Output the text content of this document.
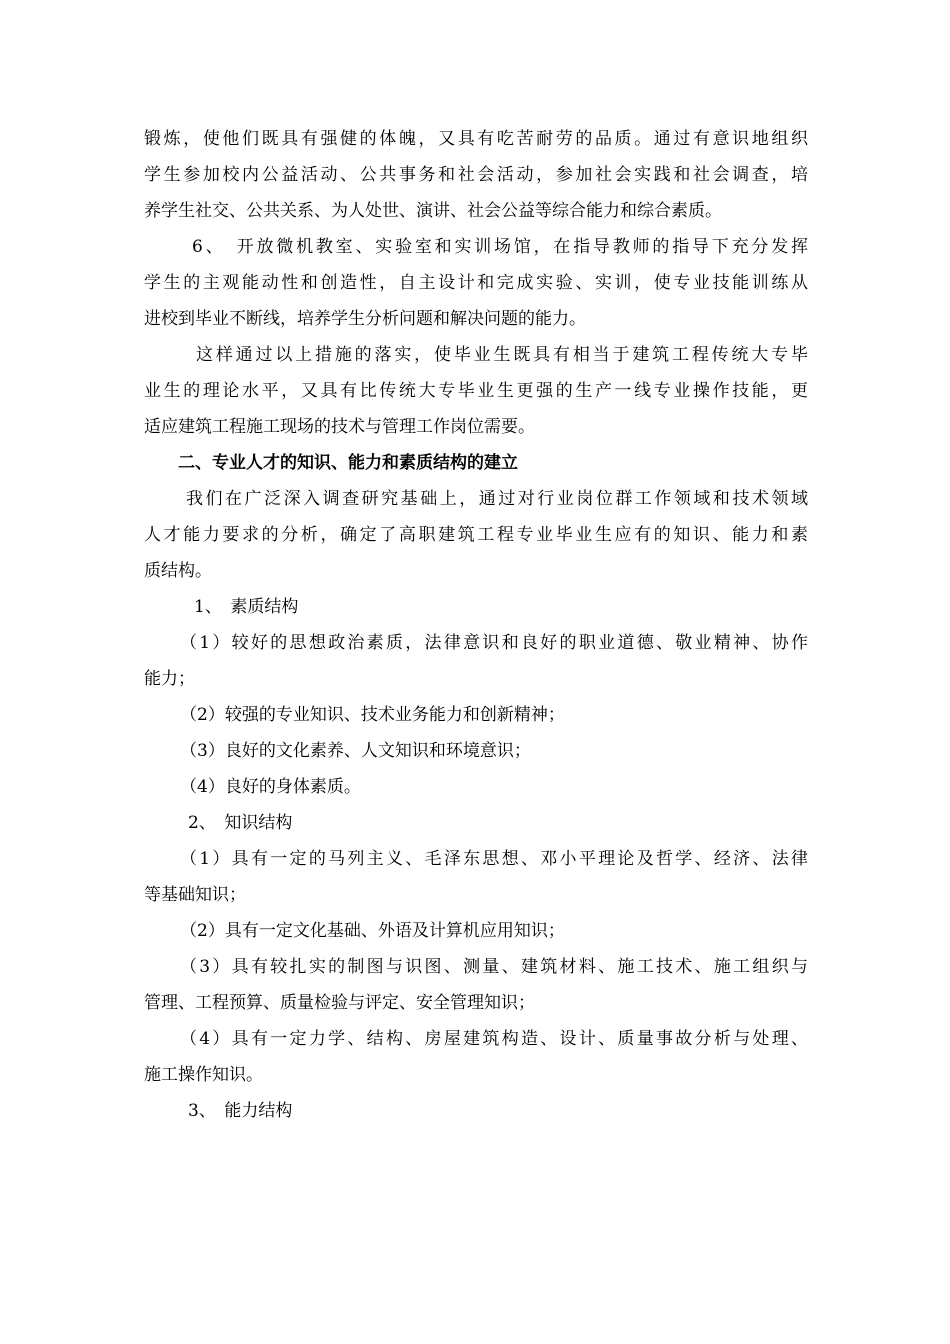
锻炼，使他们既具有强健的体魄，又具有吃苦耐劳的品质。通过有意识地组织
学生参加校内公益活动、公共事务和社会活动，参加社会实践和社会调查，培
养学生社交、公共关系、为人处世、演讲、社会公益等综合能力和综合素质。
6、　开放微机教室、实验室和实训场馆，在指导教师的指导下充分发挥
学生的主观能动性和创造性，自主设计和完成实验、实训，使专业技能训练从
进校到毕业不断线，培养学生分析问题和解决问题的能力。
这样通过以上措施的落实，使毕业生既具有相当于建筑工程传统大专毕
业生的理论水平，又具有比传统大专毕业生更强的生产一线专业操作技能，更
适应建筑工程施工现场的技术与管理工作岗位需要。
二、专业人才的知识、能力和素质结构的建立
我们在广泛深入调查研究基础上，通过对行业岗位群工作领域和技术领域
人才能力要求的分析，确定了高职建筑工程专业毕业生应有的知识、能力和素
质结构。
1、　素质结构
（1）较好的思想政治素质，法律意识和良好的职业道德、敬业精神、协作
能力；
（2）较强的专业知识、技术业务能力和创新精神；
（3）良好的文化素养、人文知识和环境意识；
（4）良好的身体素质。
2、　知识结构
（1）具有一定的马列主义、毛泽东思想、邓小平理论及哲学、经济、法律
等基础知识；
（2）具有一定文化基础、外语及计算机应用知识；
（3）具有较扎实的制图与识图、测量、建筑材料、施工技术、施工组织与
管理、工程预算、质量检验与评定、安全管理知识；
（4）具有一定力学、结构、房屋建筑构造、设计、质量事故分析与处理、
施工操作知识。
3、　能力结构
